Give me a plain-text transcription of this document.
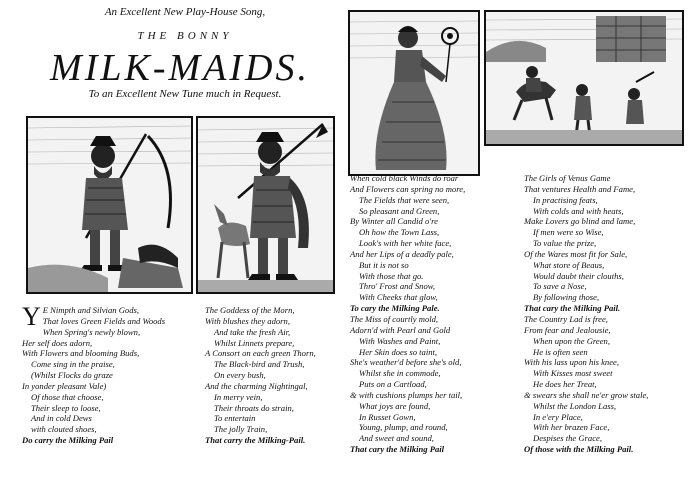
An Excellent New Play-House Song,
THE BONNY
MILK-MAIDS.
To an Excellent New Tune much in Request.
Y E Nimpth and Silvian Gods,
That loves Green Fields and Woods
When Spring's newly blown,
Her self does adorn,
With Flowers and blooming Buds,
Come sing in the praise,
(Whilst Flocks do graze
In yonder pleasant Vale)
Of those that choose,
Their sleep to loose,
And in cold Dews
with clouted shoes,
Do carry the Milking Pail
The Goddess of the Morn,
With blushes they adorn,
And take the fresh Air,
Whilst Linnets prepare,
A Consort on each green Thorn,
The Black-bird and Trush,
On every bush,
And the charming Nightingal,
In merry vein,
Their throats do strain,
To entertain
The jolly Train,
That carry the Milking-Pail.
When cold black Winds do roar
And Flowers can spring no more,
The Fields that were seen,
So pleasant and Green,
By Winter all Candid o're
Oh how the Town Lass,
Look's with her white face,
And her Lips of a deadly pale,
But it is not so
With those that go.
Thro' Frost and Snow,
With Cheeks that glow,
To cary the Milking Pale.
The Miss of courtly mold,
Adorn'd with Pearl and Gold
With Washes and Paint,
Her Skin does so taint,
She's weather'd before she's old,
Whilst she in commode,
Puts on a Cartload,
& with cushions plumps her tail,
What joys are found,
In Russet Gown,
Young, plump, and round,
And sweet and sound,
That cary the Milking Pail
The Girls of Venus Game
That ventures Health and Fame,
In practising feats,
With colds and with heats,
Make Lovers go blind and lame,
If men were so Wise,
To value the prize,
Of the Wares most fit for Sale,
What store of Beaus,
Would daubt their clouths,
To save a Nose,
By following those,
That cary the Milking Pail.
The Country Lad is free,
From fear and Jealousie,
When upon the Green,
He is often seen
With his lass upon his knee,
With Kisses most sweet
He does her Treat,
& swears she shall ne'er grow stale,
Whilst the London Lass,
In e'ery Place,
With her brazen Face,
Despises the Grace,
Of those with the Milking Pail.
